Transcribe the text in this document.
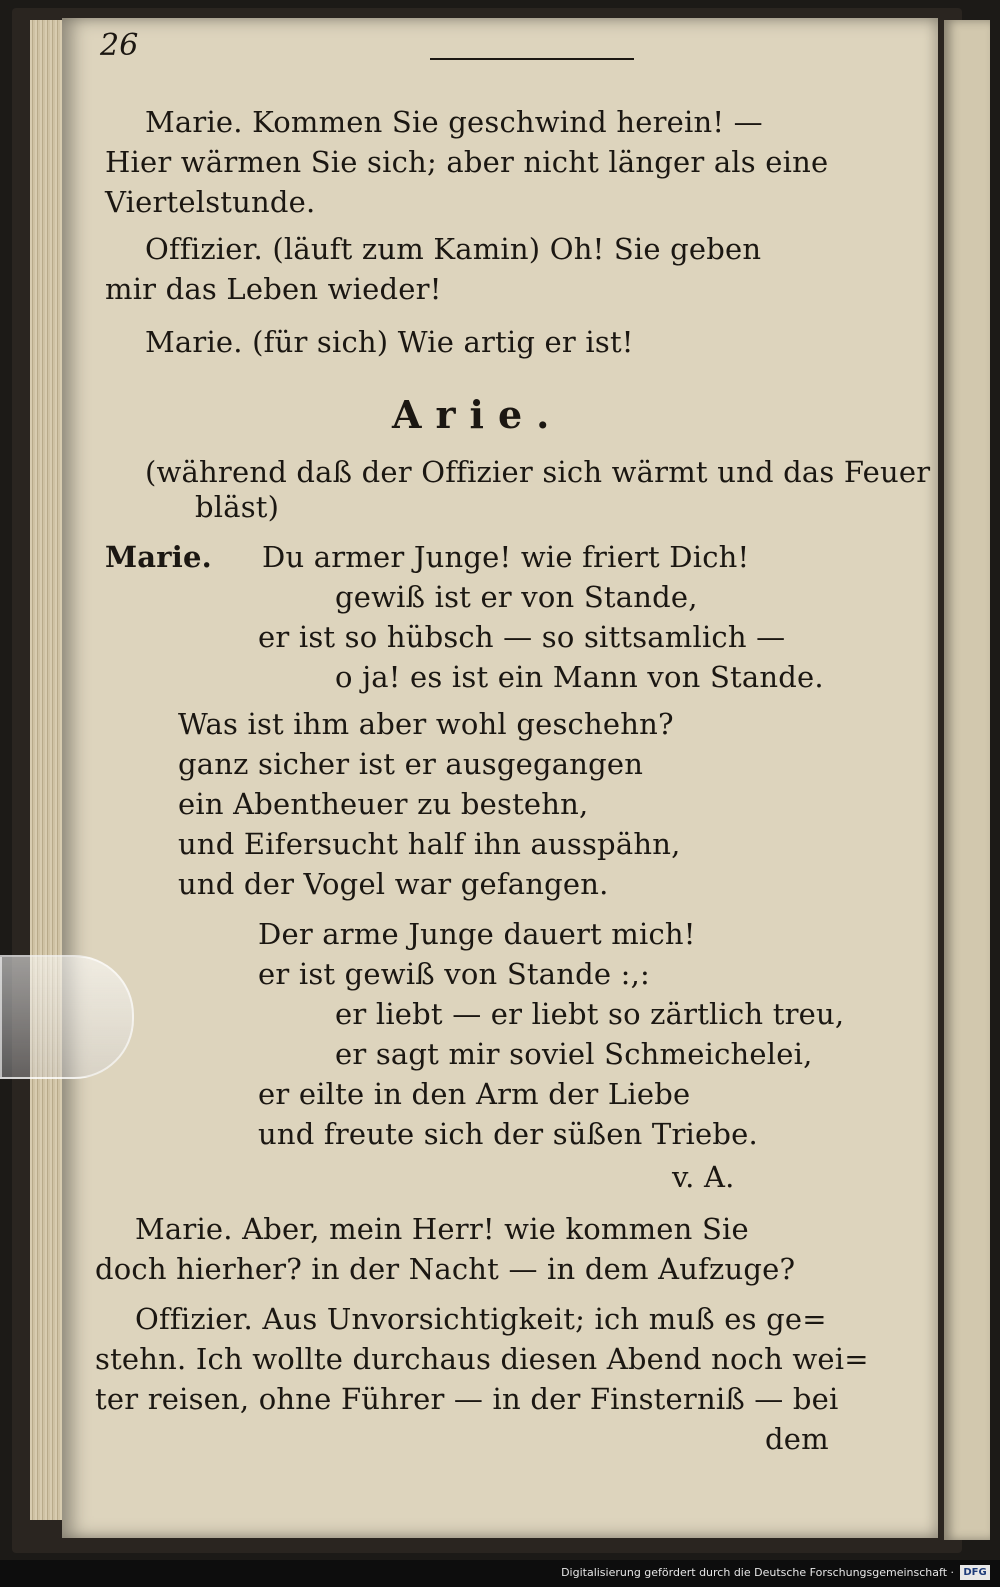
26
Marie. Kommen Sie geschwind herein! —
Hier wärmen Sie sich; aber nicht länger als eine
Viertelstunde.
Offizier. (läuft zum Kamin) Oh! Sie geben
mir das Leben wieder!
Marie. (für sich) Wie artig er ist!
Arie.
(während daß der Offizier sich wärmt und das Feuer
bläst)
Marie. Du armer Junge! wie friert Dich!
gewiß ist er von Stande,
er ist so hübsch — so sittsamlich —
o ja! es ist ein Mann von Stande.
Was ist ihm aber wohl geschehn?
ganz sicher ist er ausgegangen
ein Abentheuer zu bestehn,
und Eifersucht half ihn ausspähn,
und der Vogel war gefangen.
Der arme Junge dauert mich!
er ist gewiß von Stande :,:
er liebt — er liebt so zärtlich treu,
er sagt mir soviel Schmeichelei,
er eilte in den Arm der Liebe
und freute sich der süßen Triebe.
v. A.
Marie. Aber, mein Herr! wie kommen Sie
doch hierher? in der Nacht — in dem Aufzuge?
Offizier. Aus Unvorsichtigkeit; ich muß es ge=
stehn. Ich wollte durchaus diesen Abend noch wei=
ter reisen, ohne Führer — in der Finsterniß — bei
dem
Digitalisierung gefördert durch die Deutsche Forschungsgemeinschaft · DFG
